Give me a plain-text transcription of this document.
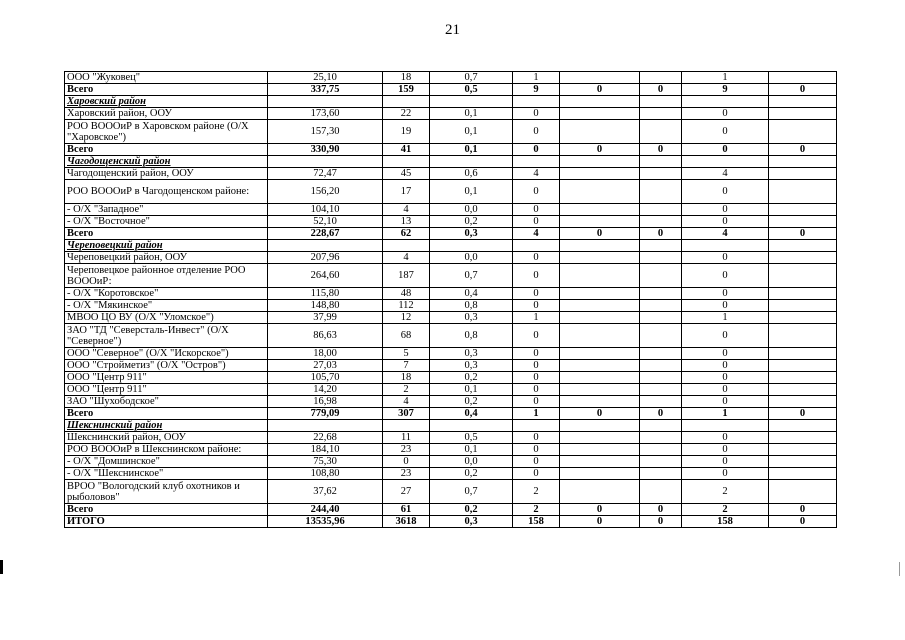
21
ООО "Жуковец"	25,10	18	0,7	1			1	
Всего	337,75	159	0,5	9	0	0	9	0
Харовский район								
Харовский район, ООУ	173,60	22	0,1	0			0	
РОО ВОООиР в Харовском районе (О/Х "Харовское")	157,30	19	0,1	0			0	
Всего	330,90	41	0,1	0	0	0	0	0
Чагодощенский район								
Чагодощенский район, ООУ	72,47	45	0,6	4			4	
РОО ВОООиР в Чагодощенском районе:	156,20	17	0,1	0			0	
- О/Х "Западное"	104,10	4	0,0	0			0	
- О/Х "Восточное"	52,10	13	0,2	0			0	
Всего	228,67	62	0,3	4	0	0	4	0
Череповецкий район								
Череповецкий район, ООУ	207,96	4	0,0	0			0	
Череповецкое районное отделение РОО ВОООиР:	264,60	187	0,7	0			0	
- О/Х "Коротовское"	115,80	48	0,4	0			0	
- О/Х "Мякинское"	148,80	112	0,8	0			0	
МВОО ЦО ВУ (О/Х "Уломское")	37,99	12	0,3	1			1	
ЗАО "ТД "Северсталь-Инвест" (О/Х "Северное")	86,63	68	0,8	0			0	
ООО "Северное" (О/Х "Искорское")	18,00	5	0,3	0			0	
ООО "Стройметиз" (О/Х "Остров")	27,03	7	0,3	0			0	
ООО "Центр 911"	105,70	18	0,2	0			0	
ООО "Центр 911"	14,20	2	0,1	0			0	
ЗАО "Шухободское"	16,98	4	0,2	0			0	
Всего	779,09	307	0,4	1	0	0	1	0
Шекснинский район								
Шекснинский район, ООУ	22,68	11	0,5	0			0	
РОО ВОООиР в Шекснинском районе:	184,10	23	0,1	0			0	
- О/Х "Домшинское"	75,30	0	0,0	0			0	
- О/Х "Шекснинское"	108,80	23	0,2	0			0	
ВРОО "Вологодский клуб охотников и рыболовов"	37,62	27	0,7	2			2	
Всего	244,40	61	0,2	2	0	0	2	0
ИТОГО	13535,96	3618	0,3	158	0	0	158	0
